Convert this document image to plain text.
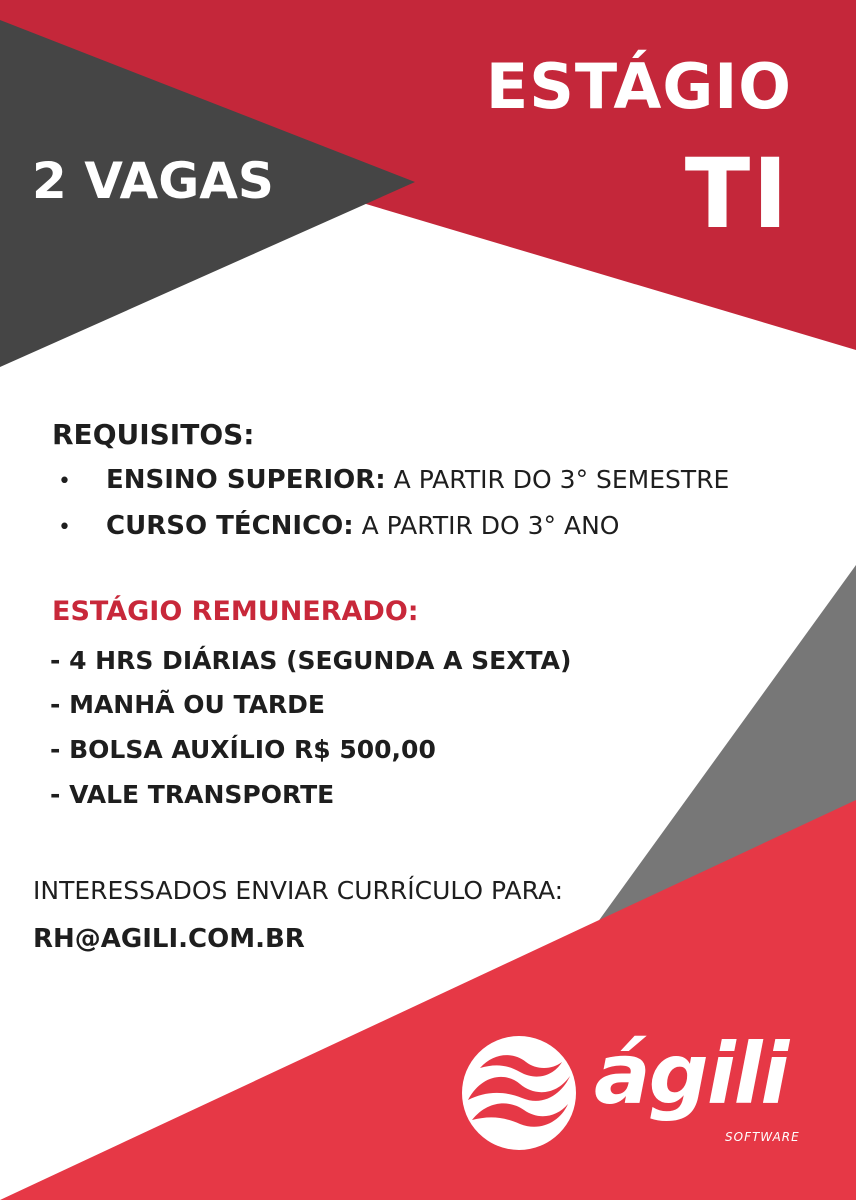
ESTÁGIO

TI

2 VAGAS

REQUISITOS:

• ENSINO SUPERIOR: A PARTIR DO 3° SEMESTRE

• CURSO TÉCNICO: A PARTIR DO 3° ANO

ESTÁGIO REMUNERADO:

- 4 HRS DIÁRIAS (SEGUNDA A SEXTA)

- MANHÃ OU TARDE

- BOLSA AUXÍLIO R$ 500,00

- VALE TRANSPORTE

INTERESSADOS ENVIAR CURRÍCULO PARA:

RH@AGILI.COM.BR

ágili

SOFTWARE
